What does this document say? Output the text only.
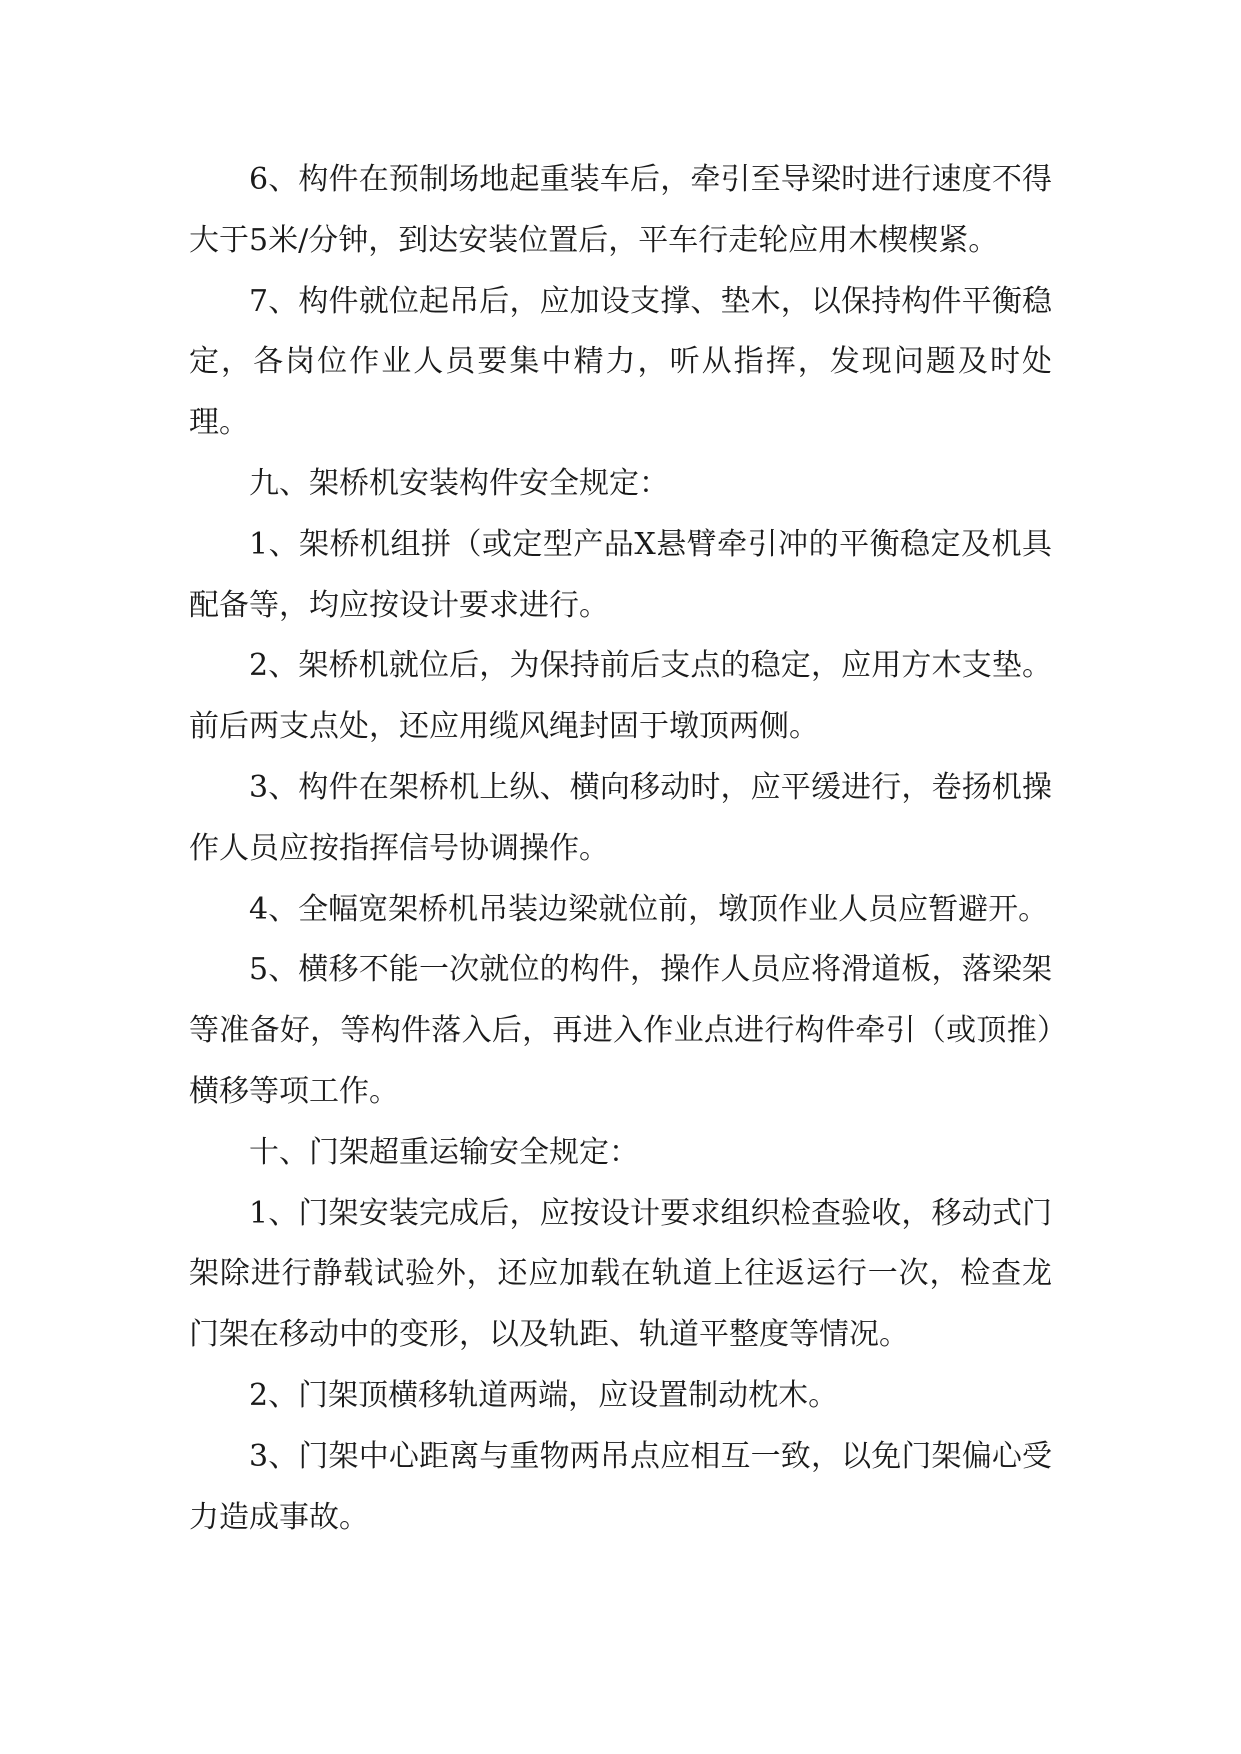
6、构件在预制场地起重装车后，牵引至导梁时进行速度不得大于5米/分钟，到达安装位置后，平车行走轮应用木楔楔紧。

7、构件就位起吊后，应加设支撑、垫木，以保持构件平衡稳定，各岗位作业人员要集中精力，听从指挥，发现问题及时处理。

九、架桥机安装构件安全规定：

1、架桥机组拼（或定型产品X悬臂牵引冲的平衡稳定及机具配备等，均应按设计要求进行。

2、架桥机就位后，为保持前后支点的稳定，应用方木支垫。前后两支点处，还应用缆风绳封固于墩顶两侧。

3、构件在架桥机上纵、横向移动时，应平缓进行，卷扬机操作人员应按指挥信号协调操作。

4、全幅宽架桥机吊装边梁就位前，墩顶作业人员应暂避开。

5、横移不能一次就位的构件，操作人员应将滑道板，落梁架等准备好，等构件落入后，再进入作业点进行构件牵引（或顶推）横移等项工作。

十、门架超重运输安全规定：

1、门架安装完成后，应按设计要求组织检查验收，移动式门架除进行静载试验外，还应加载在轨道上往返运行一次，检查龙门架在移动中的变形，以及轨距、轨道平整度等情况。

2、门架顶横移轨道两端，应设置制动枕木。

3、门架中心距离与重物两吊点应相互一致，以免门架偏心受力造成事故。
